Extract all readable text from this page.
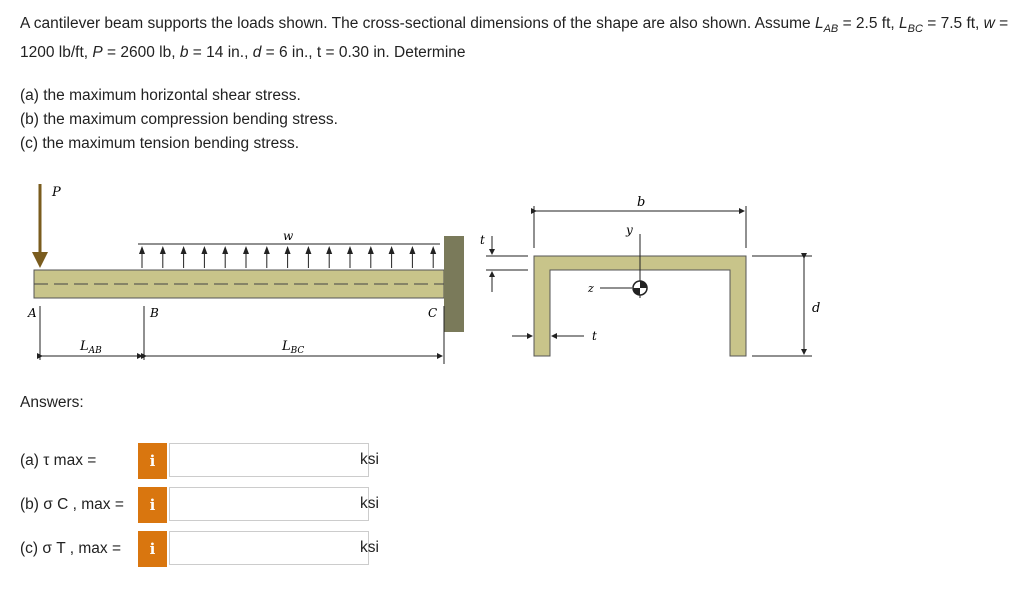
A cantilever beam supports the loads shown. The cross-sectional dimensions of the shape are also shown. Assume $L_{AB} = 2.5$ ft, $L_{BC} = 7.5$ ft, w = 1200 lb/ft, P = 2600 lb, b = 14 in., d = 6 in., t = 0.30 in. Determine

(a) the maximum horizontal shear stress.
(b) the maximum compression bending stress.
(c) the maximum tension bending stress.
P
w
A	B	C
$L_{AB}$	$L_{BC}$
b
y
z
t
t
d
Answers:
(a) τ max =	i	ksi
(b) σ C , max =	i	ksi
(c) σ T , max =	i	ksi
